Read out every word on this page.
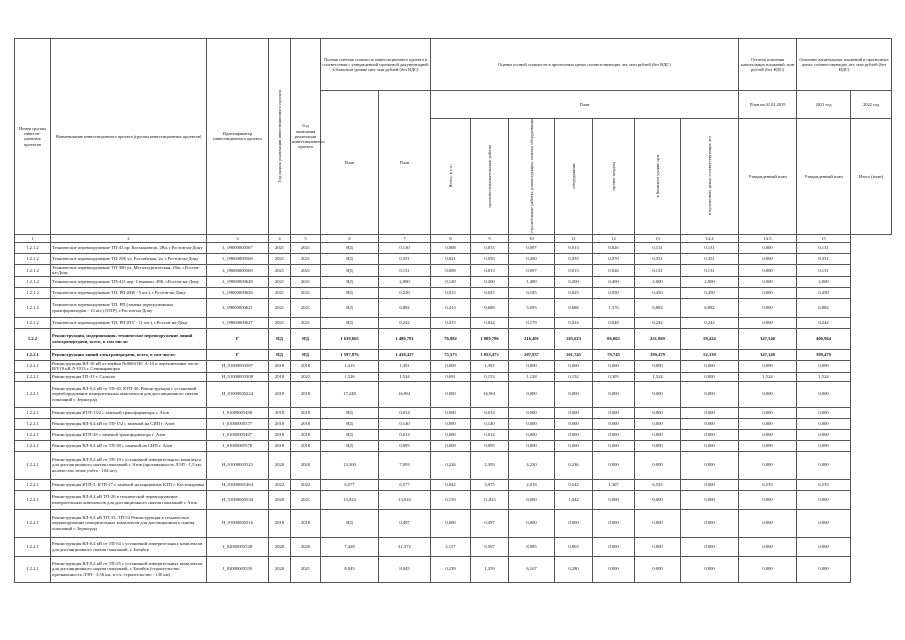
Номер группы инвести-ционных проектов	Наименование инвестиционного проекта (группы инвестиционных проектов)	Идентификатор инвестиционного проекта	Год начала реализации инвестиционного проекта	Год окончания реализации инвестиционного проекта	Полная сметная стоимость инвестиционного проекта в соответствии с утвержденной проектной документацией в базисном уровне цен, млн рублей (без НДС)		Оценка полной стоимости в прогнозных ценах соответствующих лет, млн рублей (без НДС)							Остаток освоения капитальных вложений, млн рублей (без НДС)	Освоение капитальных вложений в прогнозных ценах соответствующих лет, млн рублей (без НДС)	
					План	План	План							План на 01.01.2019	2021 год	2022 год
							Всего, в т.ч.:	проектно-изыскательские работы	строительные работы, реконструкция, монтаж оборудования	оборудование	прочие затраты	в базисном уровне цен	в прогнозных ценах соответствующих лет	Утвержденный план	Утвержденный план	Итого (план)
1	2	3	4	5	6	7	8	9	10	11	12	13	14.4	14.5	15	
1.2.1.2	Техническое перевооружение ТП-43 пр. Космонавтов, 2Ва, г.Ростов-на-Дону	L_09000000567	2021	2021	НД	0,130	0,008	0,013	0,097	0,013	0,026	0,131	0,131	0,000	0,131	
1.2.1.2	Техническое перевооружение ТП-29Б ул. Российская, 2а, г.Ростов-на-Дону	L_09000000568	2021	2021	НД	0,351	0,021	0,035	0,260	0,035	0,070	0,351	0,351	0,000	0,351	
1.2.1.2	Техническое перевооружение ТП-380 ул. Металлургическая, 29ж, г.Ростов-на-Дону	L_09000000569	2021	2021	НД	0,131	0,008	0,013	0,097	0,013	0,026	0,131	0,131	0,000	0,131	
1.2.1.2	Техническое перевооружение ТП-411 пер. Семашко, 49Б, г.Ростов-на-Дону	L_09000000628	2021	2021	НД	2,000	0,120	0,200	1,480	0,200	0,400	2,000	2,000	0,000	2,000	
1.2.1.2	Техническое перевооружение ТП, РП (ИИ - 9 шт.), г.Ростов-на-Дону	L_09000000626	2021	2021	НД	0,250	0,015	0,025	0,185	0,025	0,050	0,450	0,450	0,000	0,450	
1.2.1.2	Техническое перевооружение ТП, РП (замена перегруженных трансформаторов - 13 шт.) (ТПР), г.Ростов-на-Дону	L_09000000621	2021	2021	НД	6,882	0,413	0,688	5,093	0,688	1,376	6,882	6,882	0,000	6,882	
1.2.1.2	Техническое перевооружение ТП, РП (ПУ - 11 шт.), г.Ростов-на-Дону	L_09000000627	2021	2021	НД	0,242	0,015	0,024	0,179	0,024	0,048	0,242	0,242	0,000	0,242	
1.2.2	Реконструкция, модернизация, техническое перевооружение линий электропередачи, всего, в том числе:	Г	НД	НД	1 639,665	1 480,781	76,982	1 089,786	216,491	105,623	86,063	431,869	59,424	347,540	406,964	
1.2.2.1	Реконструкция линий электропередачи, всего, в том числе:	Г	НД	НД	1 597,876	1 438,427	75,373	1 053,473	207,837	101,745	79,745	399,479	52,339	347,140	399,479	
1.2.2.1	Реконструкция ВЛ-10 кВ от ячейки №0004 ПС А-10 и переключение части ВЛ-10 кВ Л-1013 г. Семикаракорск	H_01000003587	2018	2018	1,415	1,391	0,000	1,391	0,000	0,000	0,000	0,000	0,000	0,000	0,000	
1.2.2.1	Реконструкция ТП-33 г. Сальске	H_01000003308	2018	2022	1,526	1,524	0,091	0,153	1,128	0,152	0,305	1,524	0,000	1,524	1,524	
1.2.2.1	Реконструкция ВЛ-0,4 кВ от ТП-30, КТП-30. Реконструкция с установкой переоборудование измерительных комплексов для дистанционного снятия показаний г. Зерноград	H_01000005224	2018	2018	17,248	16,961	0,000	16,961	0,000	0,000	0,000	0,000	0,000	0,000	0,000	
1.2.2.1	Реконструкция КТП-13/2 с заменой трансформатора г. Азов	I_01000005498	2018	2018	НД	0,014	0,000	0,014	0,000	0,000	0,000	0,000	0,000	0,000	0,000	
1.2.2.1	Реконструкция ВЛ-0,4 кВ от ТП-152 с заменой на СИП г. Азов	I_01000005577	2018	2018	НД	0,140	0,000	0,140	0,000	0,000	0,000	0,000	0,000	0,000	0,000	
1.2.2.1	Реконструкция КТП-38 с заменой трансформатора г. Азов	I_01000005497	2018	2018	НД	0,014	0,000	0,014	0,000	0,000	0,000	0,000	0,000	0,000	0,000	
1.2.2.1	Реконструкция ВЛ-0,4 кВ от ТП-38 с заменой на СИП г. Азов	I_01000005578	2018	2018	НД	0,095	0,000	0,095	0,000	0,000	0,000	0,000	0,000	0,000	0,000	
1.2.2.1	Реконструкция ВЛ-0,4 кВ от ТП-19 с установкой измерительного комплекса для дистанционного снятия показаний г. Азов (протяженность ЛЭП - 1,5 км, количество точек учёта - 104 шт)	H_01000005523	2020	2020	13,300	7,093	0,226	2,393	4,230	0,236	0,000	0,000	0,000	0,000	0,000	
1.2.2.1	Реконструкция КТП-5, КТП-27 с заменой на кирпичные КТП г. Костомаровка	H_01000001464	2022	2022	6,577	6,577	0,042	3,975	2,018	0,542	1,307	6,535	0,000	6,535	6,535	
1.2.2.1	Реконструкция ВЛ-0,4 кВ ТП-20 в технической перевооружение измерительных комплексов для дистанционного снятия показаний г. Азов	H_01000005534	2020	2021	13,024	13,024	0,159	11,823	0,000	1,042	0,000	0,000	0,000	0,000	0,000	
1.2.2.1	Реконструкция ВЛ-0,4 кВ ТП-33, ТП-53 Реконструкция в техническое перевооружение измерительных комплексов для дистанционного снятия показаний г. Зерноград	H_01000005516	2018	2018	НД	0,497	0,000	0,497	0,000	0,000	0,000	0,000	0,000	0,000	0,000	
1.2.2.1	Реконструкция ВЛ-0,4 кВ от ТП-54 с установкой измерительных комплексов для дистанционного снятия показаний, г. Батайск	I_02000005548	2020	2020	7,428	21,572	2,157	9,567	8,985	0,863	0,000	0,000	0,000	0,000	0,000	
1.2.2.1	Реконструкция ВЛ-0,4 кВ от ТП-25 с установкой измерительных комплексов для дистанционного снятия показаний, г. Батайск (строительство протяженность ЛЭП - 3,56 км, в т.ч. строительство - 130 км)	I_02000005550	2020	2021	8,045	8,045	0,239	1,359	6,167	0,280	0,000	0,000	0,000	0,000	0,000	
